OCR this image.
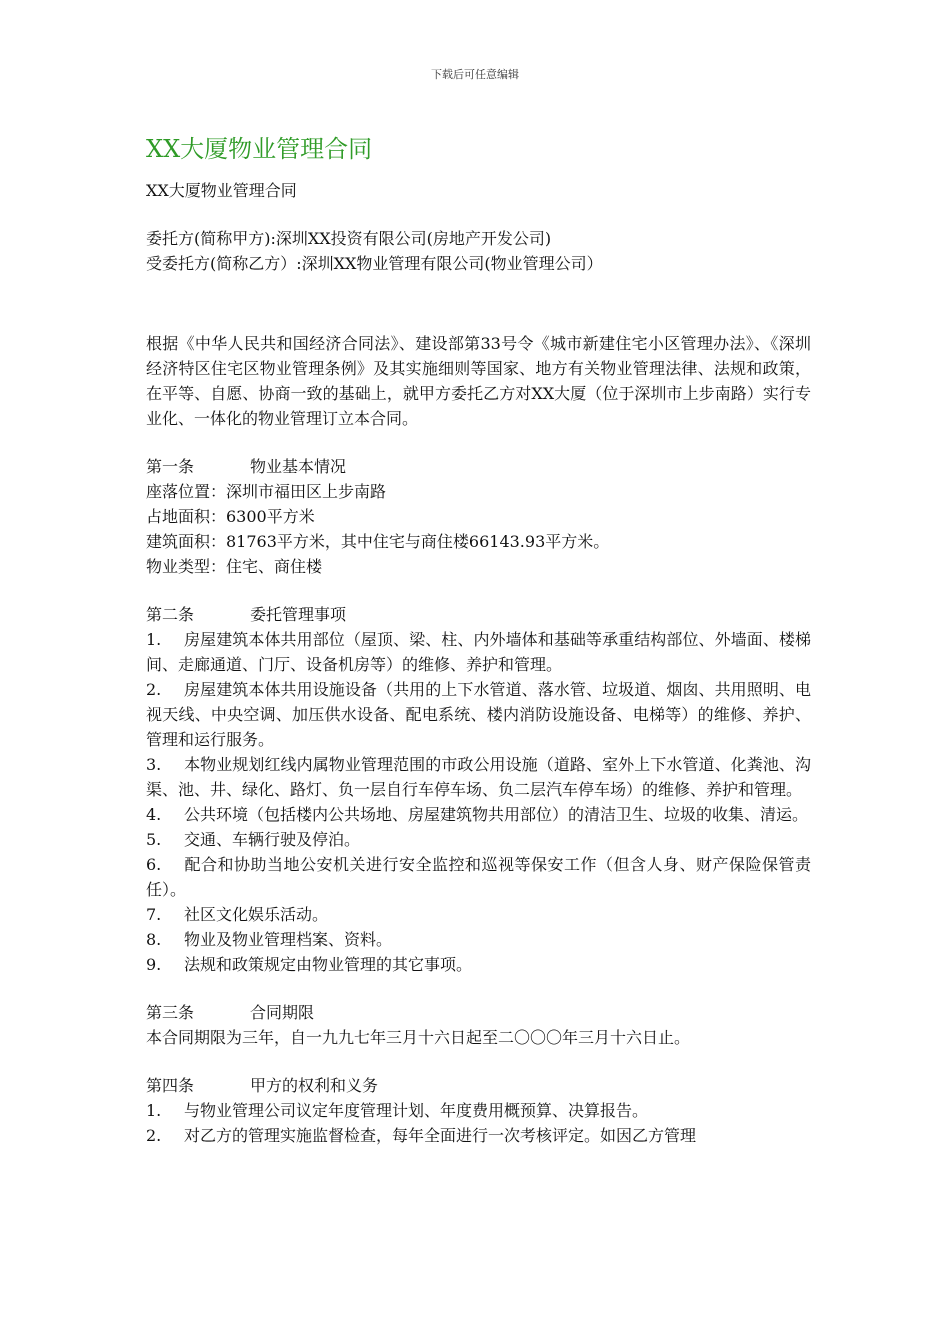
下载后可任意编辑
XX大厦物业管理合同
XX大厦物业管理合同
委托方(简称甲方):深圳XX投资有限公司(房地产开发公司)
受委托方(简称乙方）:深圳XX物业管理有限公司(物业管理公司）
根据《中华人民共和国经济合同法》、建设部第33号令《城市新建住宅小区管理办法》、《深圳经济特区住宅区物业管理条例》及其实施细则等国家、地方有关物业管理法律、法规和政策，在平等、自愿、协商一致的基础上，就甲方委托乙方对XX大厦（位于深圳市上步南路）实行专业化、一体化的物业管理订立本合同。
第一条	物业基本情况
座落位置：深圳市福田区上步南路
占地面积：6300平方米
建筑面积：81763平方米，其中住宅与商住楼66143.93平方米。
物业类型：住宅、商住楼
第二条	委托管理事项
1. 房屋建筑本体共用部位（屋顶、梁、柱、内外墙体和基础等承重结构部位、外墙面、楼梯间、走廊通道、门厅、设备机房等）的维修、养护和管理。
2. 房屋建筑本体共用设施设备（共用的上下水管道、落水管、垃圾道、烟囱、共用照明、电视天线、中央空调、加压供水设备、配电系统、楼内消防设施设备、电梯等）的维修、养护、管理和运行服务。
3. 本物业规划红线内属物业管理范围的市政公用设施（道路、室外上下水管道、化粪池、沟渠、池、井、绿化、路灯、负一层自行车停车场、负二层汽车停车场）的维修、养护和管理。
4. 公共环境（包括楼内公共场地、房屋建筑物共用部位）的清洁卫生、垃圾的收集、清运。
5. 交通、车辆行驶及停泊。
6. 配合和协助当地公安机关进行安全监控和巡视等保安工作（但含人身、财产保险保管责任）。
7. 社区文化娱乐活动。
8. 物业及物业管理档案、资料。
9. 法规和政策规定由物业管理的其它事项。
第三条	合同期限
本合同期限为三年，自一九九七年三月十六日起至二〇〇〇年三月十六日止。
第四条	甲方的权利和义务
1. 与物业管理公司议定年度管理计划、年度费用概预算、决算报告。
2. 对乙方的管理实施监督检查，每年全面进行一次考核评定。如因乙方管理
